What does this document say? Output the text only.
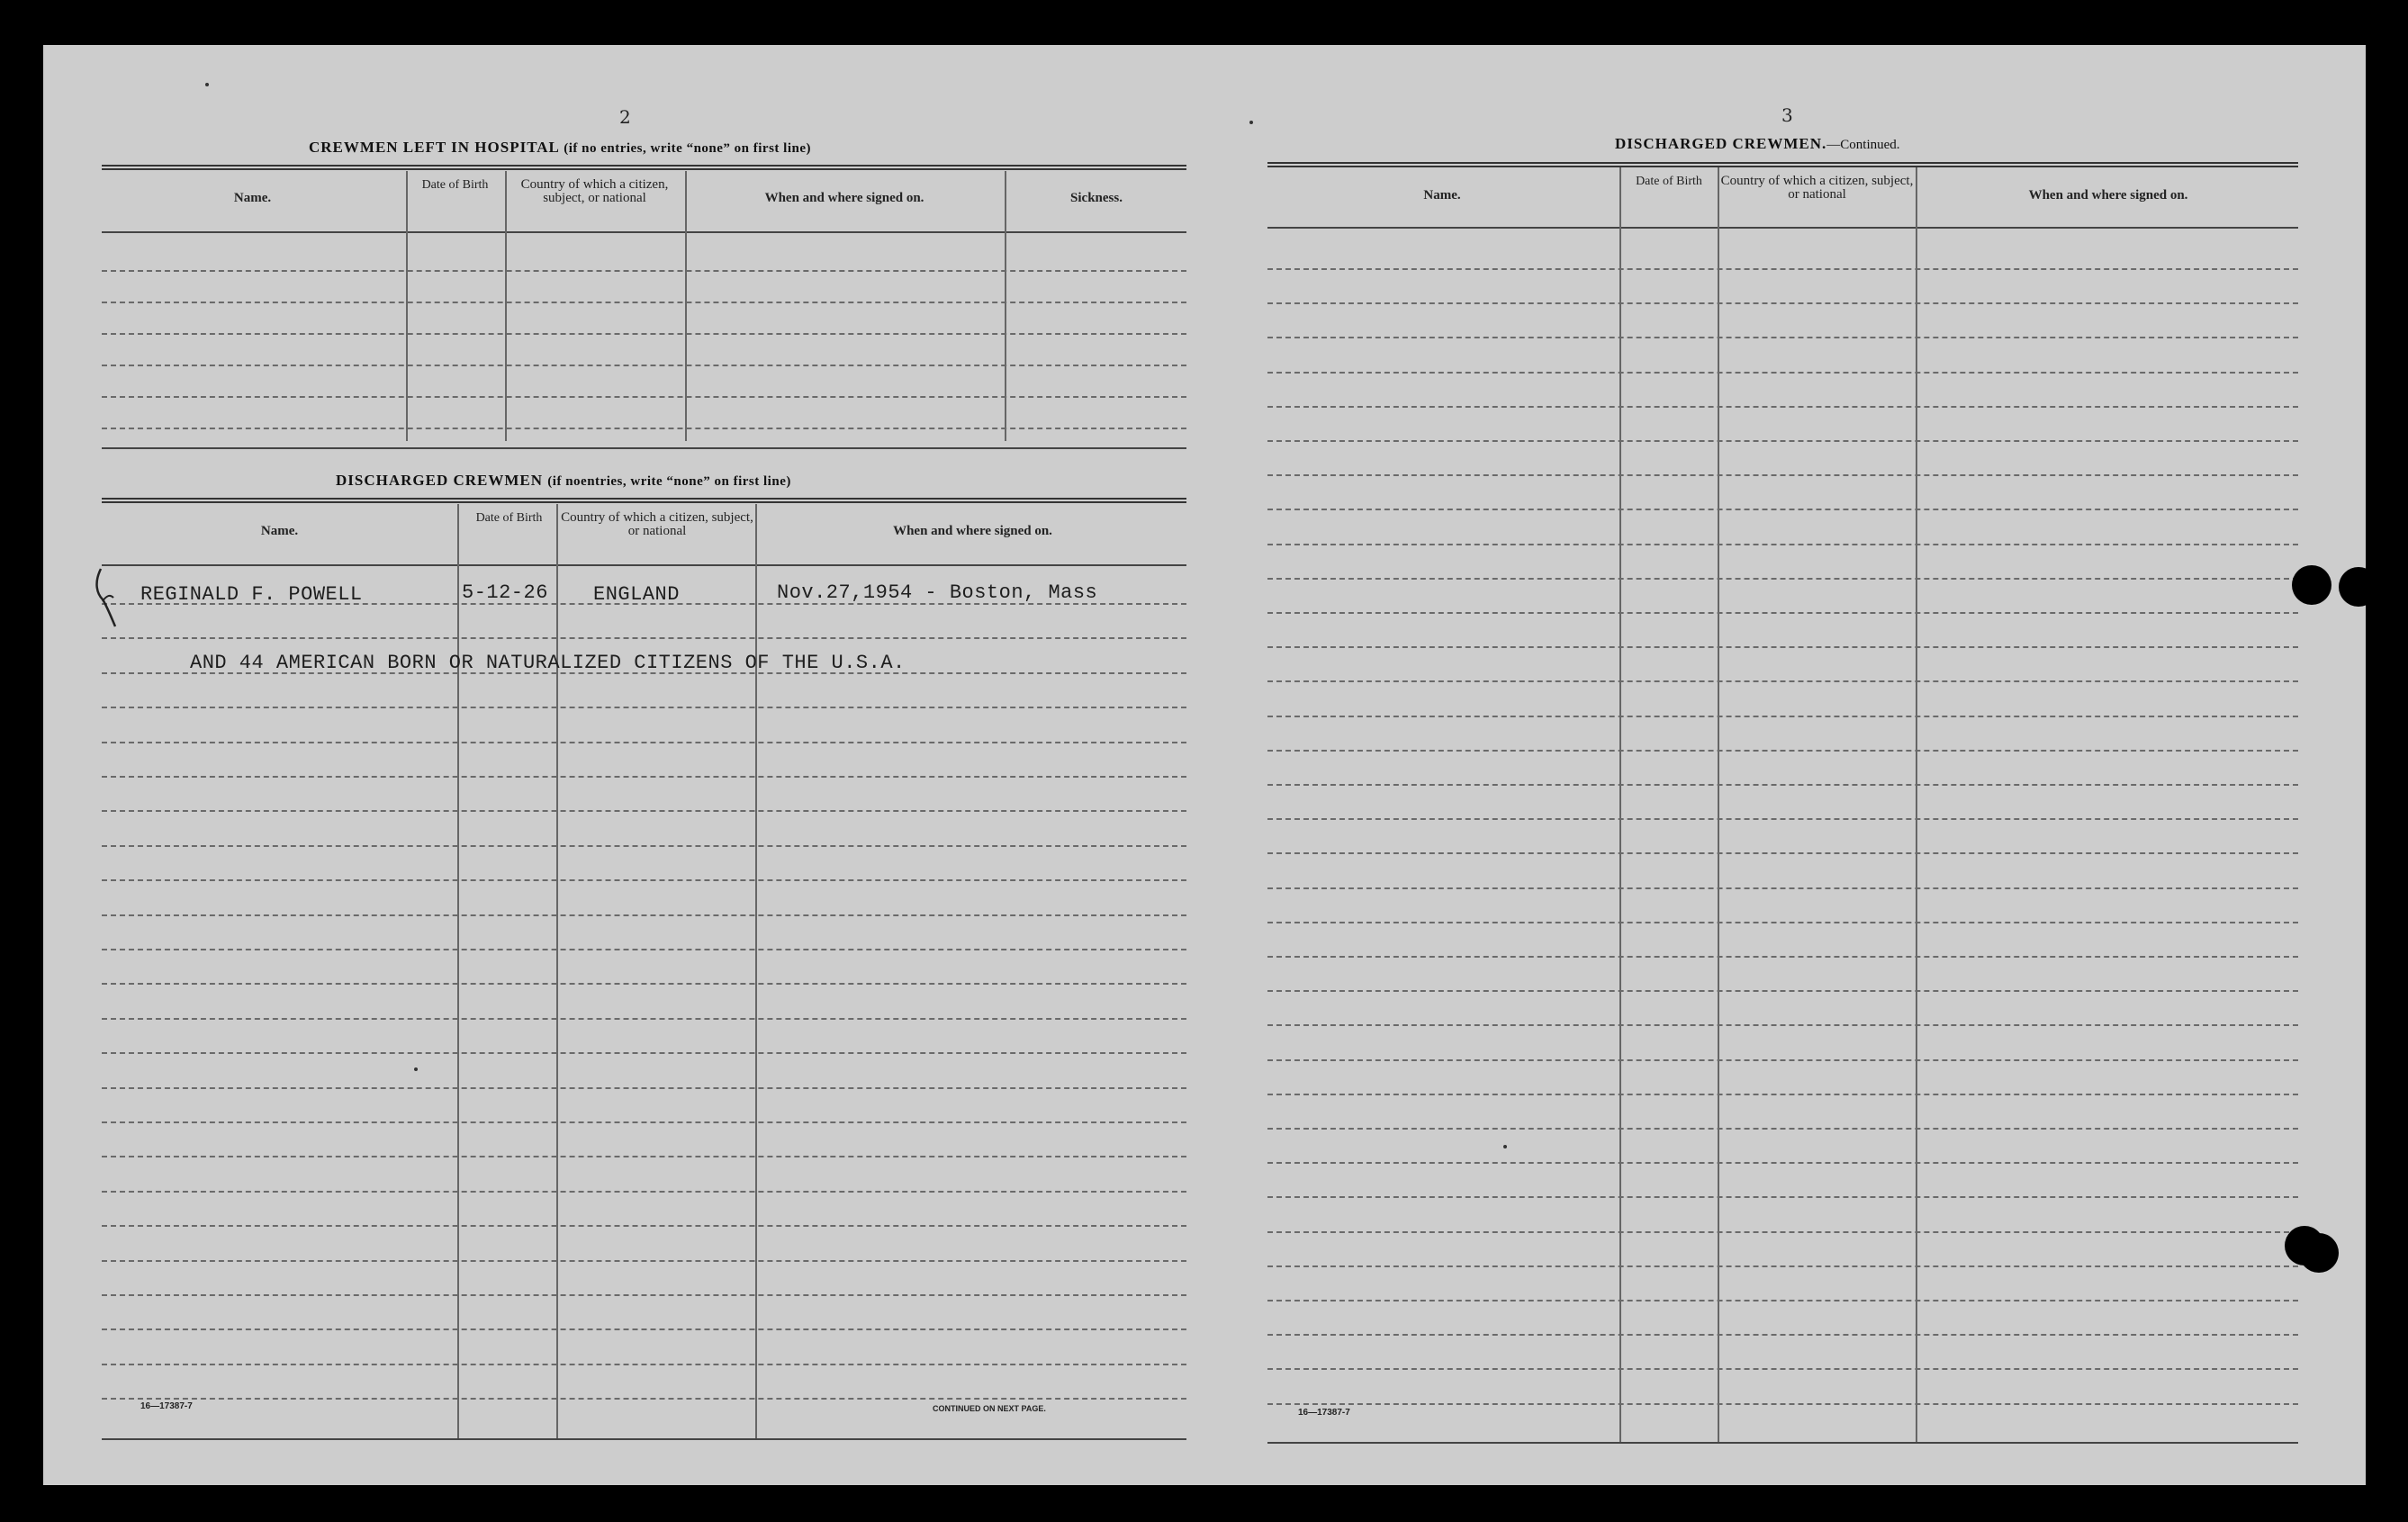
2
CREWMEN LEFT IN HOSPITAL (if no entries, write “none” on first line)
Name.
Date of Birth	Country of which a citizen, subject, or national	When and where signed on.	Sickness.
DISCHARGED CREWMEN (if noentries, write “none” on first line)
Name.
Date of Birth	Country of which a citizen, subject, or national	When and where signed on.
REGINALD F. POWELL	5-12-26 ENGLAND	Nov.27,1954 - Boston, Mass
AND 44 AMERICAN BORN OR NATURALIZED CITIZENS OF THE U.S.A.
16—17387-7	CONTINUED ON NEXT PAGE.
3
DISCHARGED CREWMEN.—Continued.
Name.
Date of Birth	Country of which a citizen, subject, or national	When and where signed on.
16—17387-7
